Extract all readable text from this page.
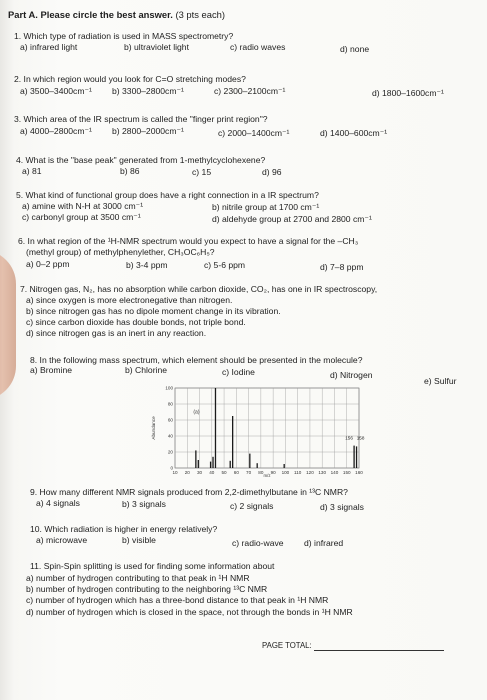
Part A. Please circle the best answer. (3 pts each)
1. Which type of radiation is used in MASS spectrometry?
a) infrared light	b) ultraviolet light	c) radio waves	d) none
2. In which region would you look for C=O stretching modes?
a) 3500–3400cm⁻¹ b) 3300–2800cm⁻¹	c) 2300–2100cm⁻¹	d) 1800–1600cm⁻¹
3. Which area of the IR spectrum is called the "finger print region"?
a) 4000–2800cm⁻¹ b) 2800–2000cm⁻¹	c) 2000–1400cm⁻¹	d) 1400–600cm⁻¹
4. What is the "base peak" generated from 1-methylcyclohexene?
a) 81	b) 86	c) 15	d) 96
5. What kind of functional group does have a right connection in a IR spectrum?
a) amine with N-H at 3000 cm⁻¹	b) nitrile group at 1700 cm⁻¹
c) carbonyl group at 3500 cm⁻¹	d) aldehyde group at 2700 and 2800 cm⁻¹
6. In what region of the ¹H-NMR spectrum would you expect to have a signal for the –CH₃
(methyl group) of methylphenylether, CH₃OC₆H₅?
a) 0–2 ppm	b) 3-4 ppm	c) 5-6 ppm	d) 7–8 ppm
7. Nitrogen gas, N₂, has no absorption while carbon dioxide, CO₂, has one in IR spectroscopy,
a) since oxygen is more electronegative than nitrogen.
b) since nitrogen gas has no dipole moment change in its vibration.
c) since carbon dioxide has double bonds, not triple bond.
d) since nitrogen gas is an inert in any reaction.
8. In the following mass spectrum, which element should be presented in the molecule?
a) Bromine	b) Chlorine	c) Iodine	d) Nitrogen
e) Sulfur
10 20 30 40 50 60 70 80 90 100 110 120 130 140 150 160
0
20
40
60
80
100
Abundance
m/z
(a)
156 158
9. How many different NMR signals produced from 2,2-dimethylbutane in ¹³C NMR?
a) 4 signals	b) 3 signals	c) 2 signals	d) 3 signals
10. Which radiation is higher in energy relatively?
a) microwave	b) visible	c) radio-wave d) infrared
11. Spin-Spin splitting is used for finding some information about
a) number of hydrogen contributing to that peak in ¹H NMR
b) number of hydrogen contributing to the neighboring ¹³C NMR
c) number of hydrogen which has a three-bond distance to that peak in ¹H NMR
d) number of hydrogen which is closed in the space, not through the bonds in ¹H NMR
PAGE TOTAL:
